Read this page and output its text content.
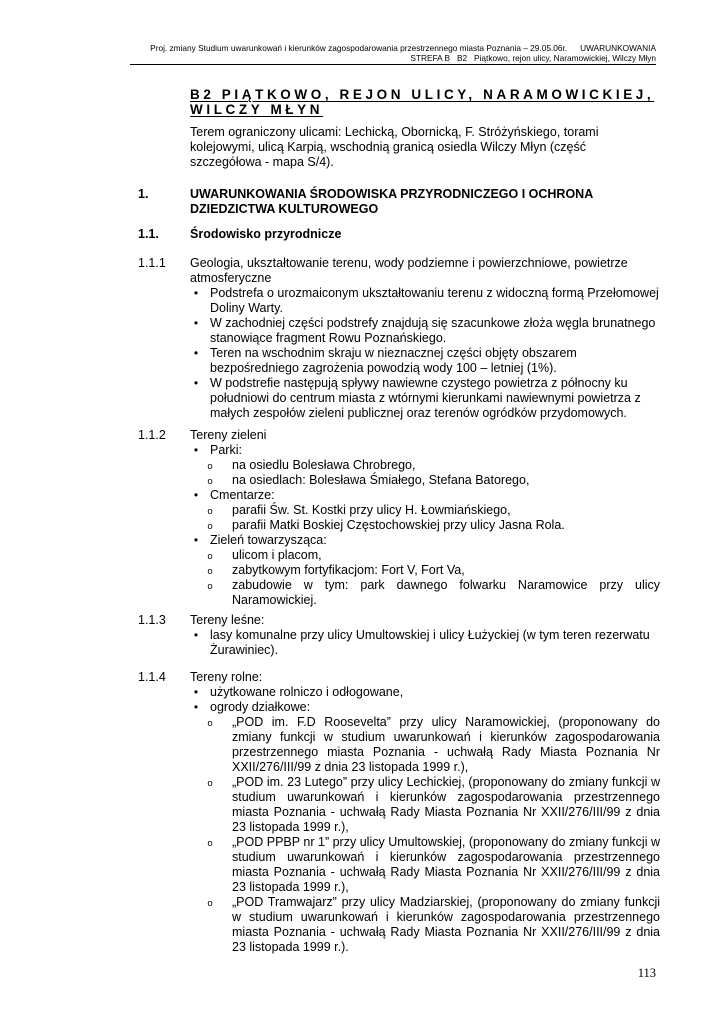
Proj. zmiany Studium uwarunkowań i kierunków zagospodarowania przestrzennego miasta Poznania – 29.05.06r. UWARUNKOWANIA
STREFA B   B2   Piątkowo, rejon ulicy, Naramowickiej, Wilczy Młyn
B2 PIĄTKOWO, REJON ULICY, NARAMOWICKIEJ, WILCZY MŁYN
Terem ograniczony ulicami: Lechicką, Obornicką, F. Stróżyńskiego, torami kolejowymi, ulicą Karpią, wschodnią granicą osiedla Wilczy Młyn (część szczegółowa - mapa S/4).
1.	UWARUNKOWANIA ŚRODOWISKA PRZYRODNICZEGO I OCHRONA DZIEDZICTWA KULTUROWEGO
1.1.	Środowisko przyrodnicze
1.1.1	Geologia, ukształtowanie terenu, wody podziemne i powierzchniowe, powietrze atmosferyczne
• Podstrefa o urozmaiconym ukształtowaniu terenu z widoczną formą Przełomowej Doliny Warty.
• W zachodniej części podstrefy znajdują się szacunkowe złoża węgla brunatnego stanowiące fragment Rowu Poznańskiego.
• Teren na wschodnim skraju w nieznacznej części objęty obszarem bezpośredniego zagrożenia powodzią wody 100 – letniej (1%).
• W podstrefie następują spływy nawiewne czystego powietrza z północny ku południowi do centrum miasta z wtórnymi kierunkami nawiewnymi powietrza z małych zespołów zieleni publicznej oraz terenów ogródków przydomowych.
1.1.2	Tereny zieleni
• Parki:
o na osiedlu Bolesława Chrobrego,
o na osiedlach: Bolesława Śmiałego, Stefana Batorego,
• Cmentarze:
o parafii Św. St. Kostki przy ulicy H. Łowmiańskiego,
o parafii Matki Boskiej Częstochowskiej przy ulicy Jasna Rola.
• Zieleń towarzysząca:
o ulicom i placom,
o zabytkowym fortyfikacjom: Fort V, Fort Va,
o zabudowie w tym: park dawnego folwarku Naramowice przy ulicy Naramowickiej.
1.1.3	Tereny leśne:
• lasy komunalne przy ulicy Umultowskiej i ulicy Łużyckiej (w tym teren rezerwatu Żurawiniec).
1.1.4	Tereny rolne:
• użytkowane rolniczo i odłogowane,
• ogrody działkowe:
o „POD im. F.D Roosevelta” przy ulicy Naramowickiej, (proponowany do zmiany funkcji w studium uwarunkowań i kierunków zagospodarowania przestrzennego miasta Poznania - uchwałą Rady Miasta Poznania Nr XXII/276/III/99 z dnia 23 listopada 1999 r.),
o „POD im. 23 Lutego” przy ulicy Lechickiej, (proponowany do zmiany funkcji w studium uwarunkowań i kierunków zagospodarowania przestrzennego miasta Poznania - uchwałą Rady Miasta Poznania Nr XXII/276/III/99 z dnia 23 listopada 1999 r.),
o „POD PPBP nr 1” przy ulicy Umultowskiej, (proponowany do zmiany funkcji w studium uwarunkowań i kierunków zagospodarowania przestrzennego miasta Poznania - uchwałą Rady Miasta Poznania Nr XXII/276/III/99 z dnia 23 listopada 1999 r.),
o „POD Tramwajarz” przy ulicy Madziarskiej, (proponowany do zmiany funkcji w studium uwarunkowań i kierunków zagospodarowania przestrzennego miasta Poznania - uchwałą Rady Miasta Poznania Nr XXII/276/III/99 z dnia 23 listopada 1999 r.).
113
